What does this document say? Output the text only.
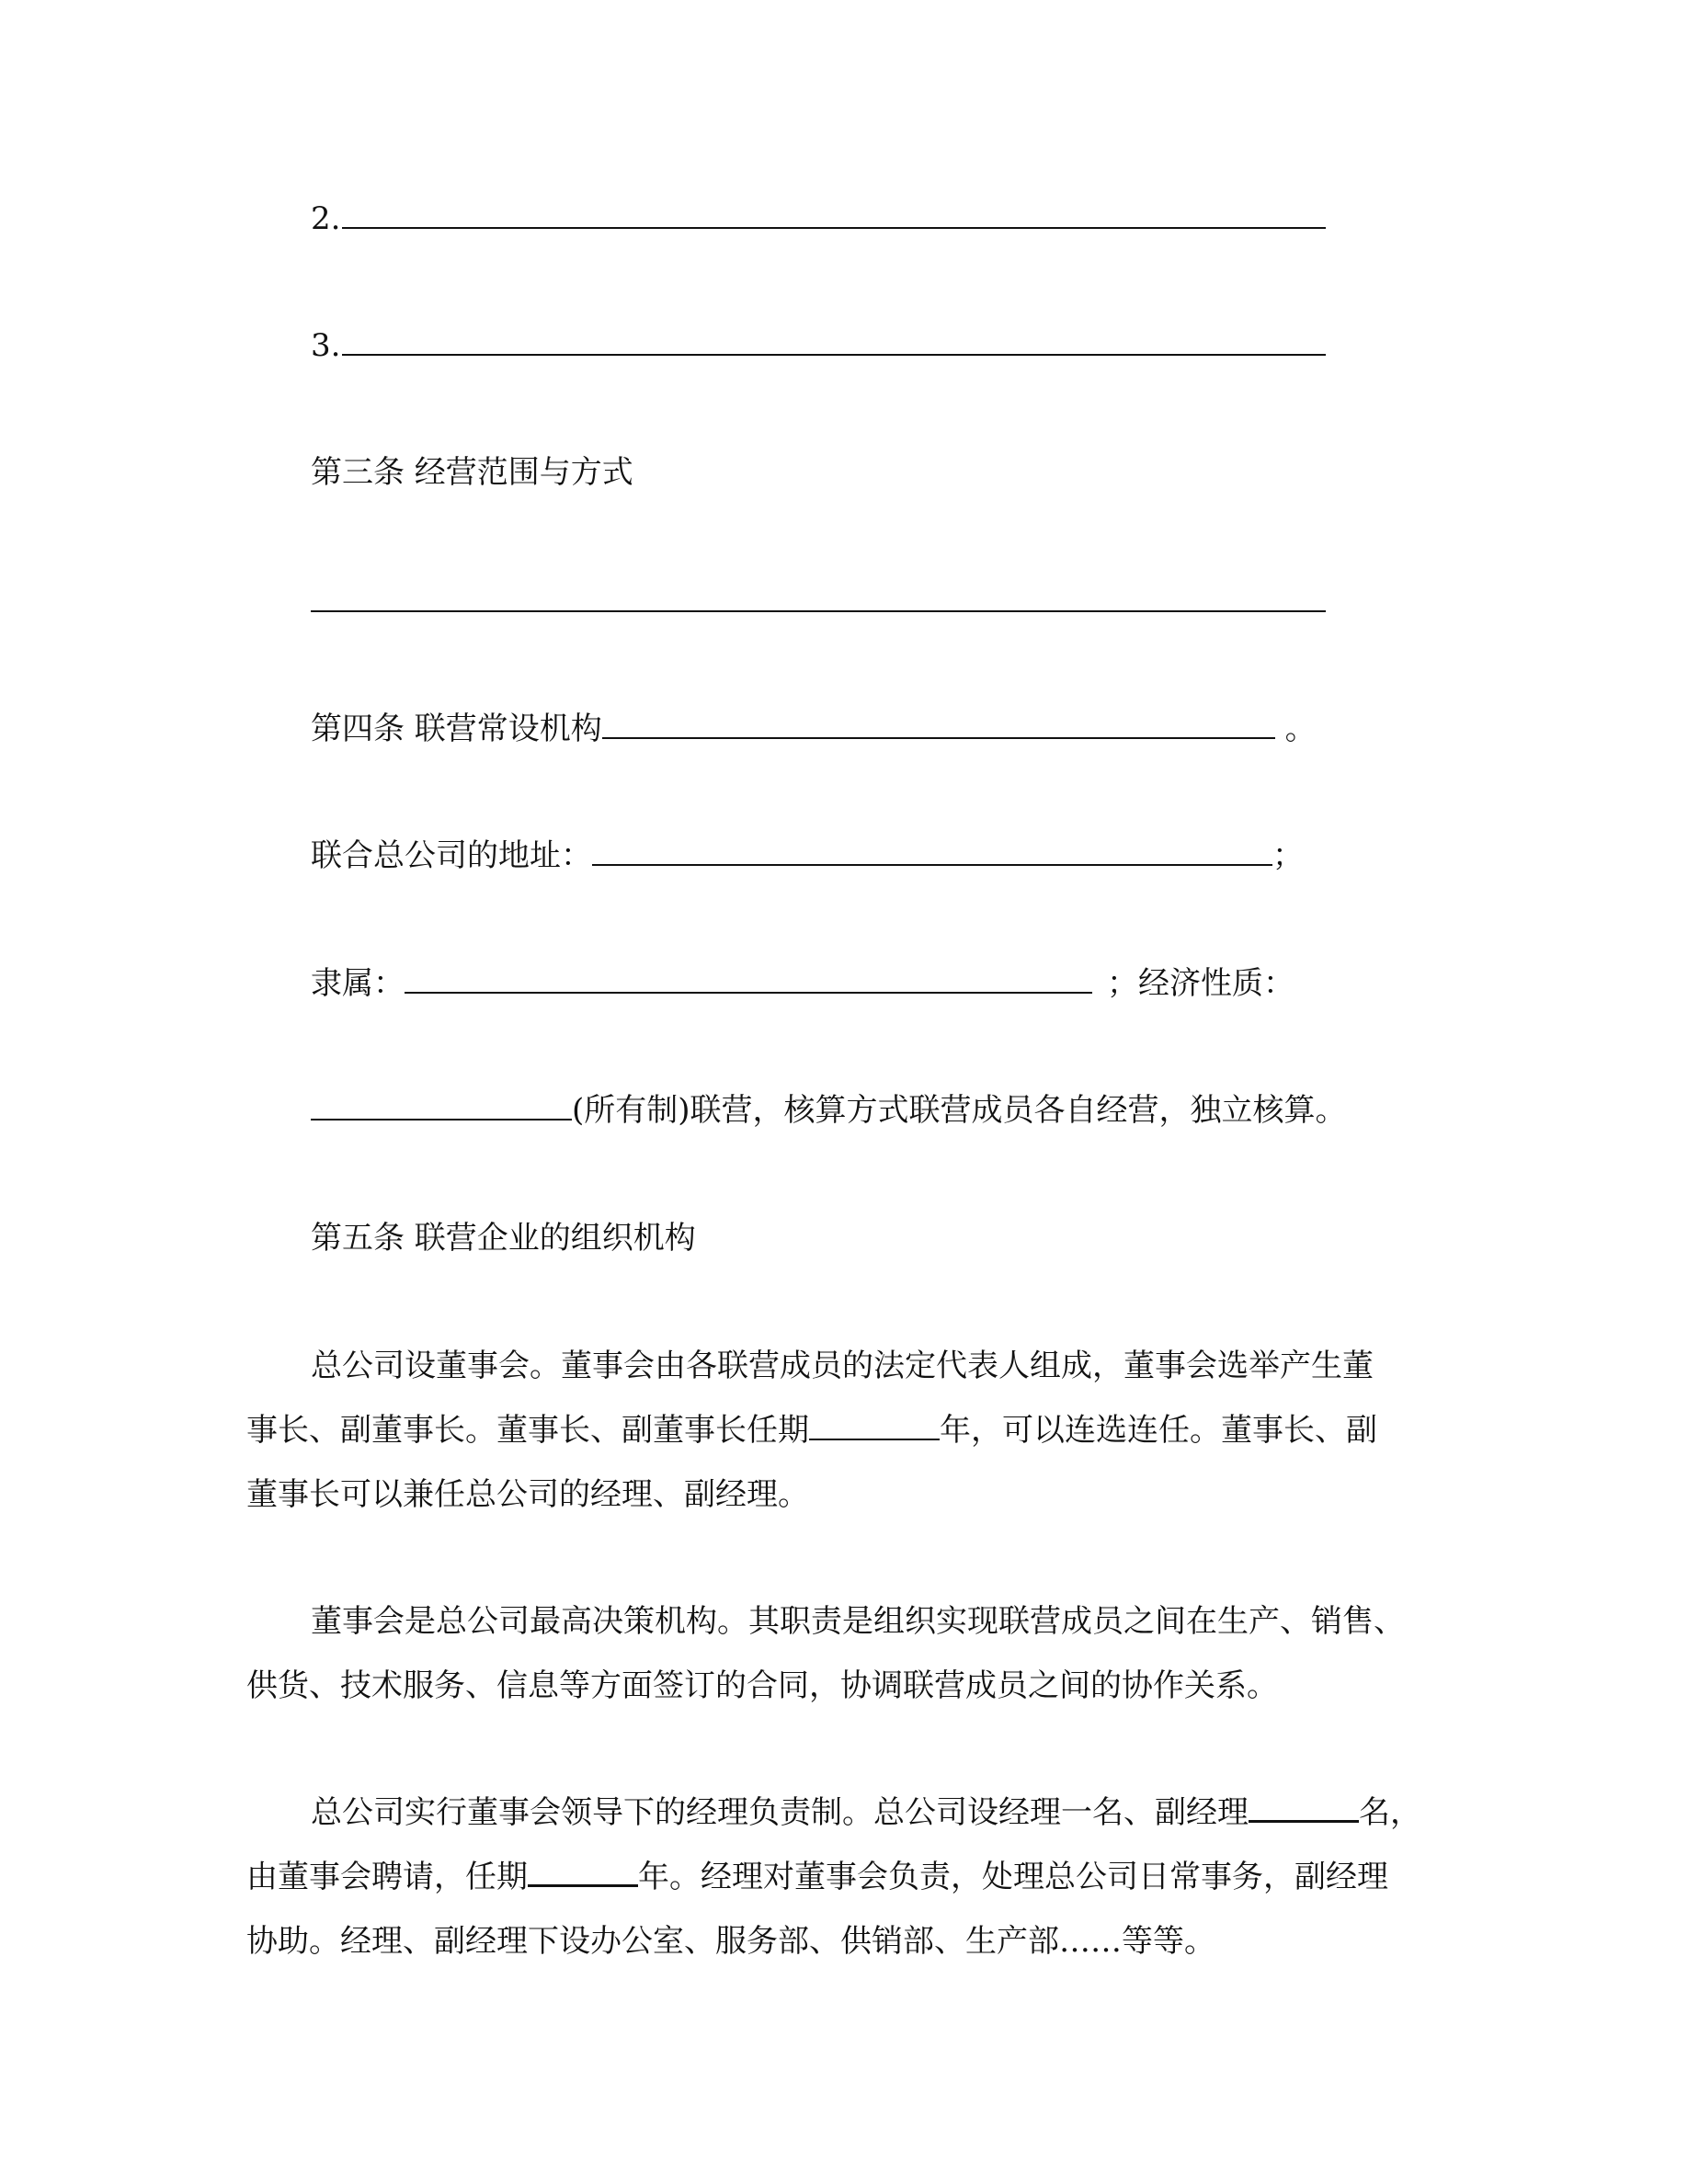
2.
3.
第三条 经营范围与方式
第四条 联营常设机构	。
联合总公司的地址：	；
隶属：	；经济性质：
(所有制)联营，核算方式联营成员各自经营，独立核算。
第五条 联营企业的组织机构
总公司设董事会。董事会由各联营成员的法定代表人组成，董事会选举产生董
事长、副董事长。董事长、副董事长任期	年，可以连选连任。董事长、副
董事长可以兼任总公司的经理、副经理。
董事会是总公司最高决策机构。其职责是组织实现联营成员之间在生产、销售、
供货、技术服务、信息等方面签订的合同，协调联营成员之间的协作关系。
总公司实行董事会领导下的经理负责制。总公司设经理一名、副经理	名，
由董事会聘请，任期	年。经理对董事会负责，处理总公司日常事务，副经理
协助。经理、副经理下设办公室、服务部、供销部、生产部……等等。
